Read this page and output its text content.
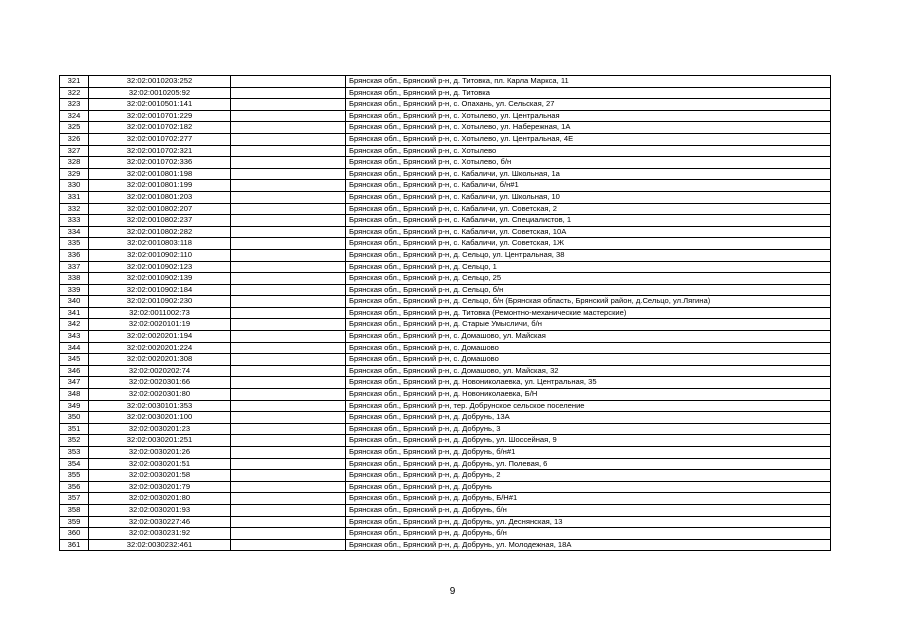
321	32:02:0010203:252		Брянская обл., Брянский р-н, д. Титовка, пл. Карла Маркса, 11
322	32:02:0010205:92		Брянская обл., Брянский р-н, д. Титовка
323	32:02:0010501:141		Брянская обл., Брянский р-н, с. Опахань, ул. Сельская, 27
324	32:02:0010701:229		Брянская обл., Брянский р-н, с. Хотылево, ул. Центральная
325	32:02:0010702:182		Брянская обл., Брянский р-н, с. Хотылево, ул. Набережная, 1А
326	32:02:0010702:277		Брянская обл., Брянский р-н, с. Хотылево, ул. Центральная, 4Е
327	32:02:0010702:321		Брянская обл., Брянский р-н, с. Хотылево
328	32:02:0010702:336		Брянская обл., Брянский р-н, с. Хотылево, б/н
329	32:02:0010801:198		Брянская обл., Брянский р-н, с. Кабаличи, ул. Школьная, 1а
330	32:02:0010801:199		Брянская обл., Брянский р-н, с. Кабаличи, б/н#1
331	32:02:0010801:203		Брянская обл., Брянский р-н, с. Кабаличи, ул. Школьная, 10
332	32:02:0010802:207		Брянская обл., Брянский р-н, с. Кабаличи, ул. Советская, 2
333	32:02:0010802:237		Брянская обл., Брянский р-н, с. Кабаличи, ул. Специалистов, 1
334	32:02:0010802:282		Брянская обл., Брянский р-н, с. Кабаличи, ул. Советская, 10А
335	32:02:0010803:118		Брянская обл., Брянский р-н, с. Кабаличи, ул. Советская, 1Ж
336	32:02:0010902:110		Брянская обл., Брянский р-н, д. Сельцо, ул. Центральная, 38
337	32:02:0010902:123		Брянская обл., Брянский р-н, д. Сельцо, 1
338	32:02:0010902:139		Брянская обл., Брянский р-н, д. Сельцо, 25
339	32:02:0010902:184		Брянская обл., Брянский р-н, д. Сельцо, б/н
340	32:02:0010902:230		Брянская обл., Брянский р-н, д. Сельцо, б/н (Брянская область, Брянский район, д.Сельцо, ул.Лягина)
341	32:02:0011002:73		Брянская обл., Брянский р-н, д. Титовка (Ремонтно-механические мастерские)
342	32:02:0020101:19		Брянская обл., Брянский р-н, д. Старые Умысличи, б/н
343	32:02:0020201:194		Брянская обл., Брянский р-н, с. Домашово, ул. Майская
344	32:02:0020201:224		Брянская обл., Брянский р-н, с. Домашово
345	32:02:0020201:308		Брянская обл., Брянский р-н, с. Домашово
346	32:02:0020202:74		Брянская обл., Брянский р-н, с. Домашово, ул. Майская, 32
347	32:02:0020301:66		Брянская обл., Брянский р-н, д. Новониколаевка, ул. Центральная, 35
348	32:02:0020301:80		Брянская обл., Брянский р-н, д. Новониколаевка, Б/Н
349	32:02:0030101:353		Брянская обл., Брянский р-н, тер. Добрунское сельское поселение
350	32:02:0030201:100		Брянская обл., Брянский р-н, д. Добрунь, 13А
351	32:02:0030201:23		Брянская обл., Брянский р-н, д. Добрунь, 3
352	32:02:0030201:251		Брянская обл., Брянский р-н, д. Добрунь, ул. Шоссейная, 9
353	32:02:0030201:26		Брянская обл., Брянский р-н, д. Добрунь, б/н#1
354	32:02:0030201:51		Брянская обл., Брянский р-н, д. Добрунь, ул. Полевая, 6
355	32:02:0030201:58		Брянская обл., Брянский р-н, д. Добрунь, 2
356	32:02:0030201:79		Брянская обл., Брянский р-н, д. Добрунь
357	32:02:0030201:80		Брянская обл., Брянский р-н, д. Добрунь, Б/Н#1
358	32:02:0030201:93		Брянская обл., Брянский р-н, д. Добрунь, б/н
359	32:02:0030227:46		Брянская обл., Брянский р-н, д. Добрунь, ул. Деснянская, 13
360	32:02:0030231:92		Брянская обл., Брянский р-н, д. Добрунь, б/н
361	32:02:0030232:461		Брянская обл., Брянский р-н, д. Добрунь, ул. Молодежная, 18А
9
